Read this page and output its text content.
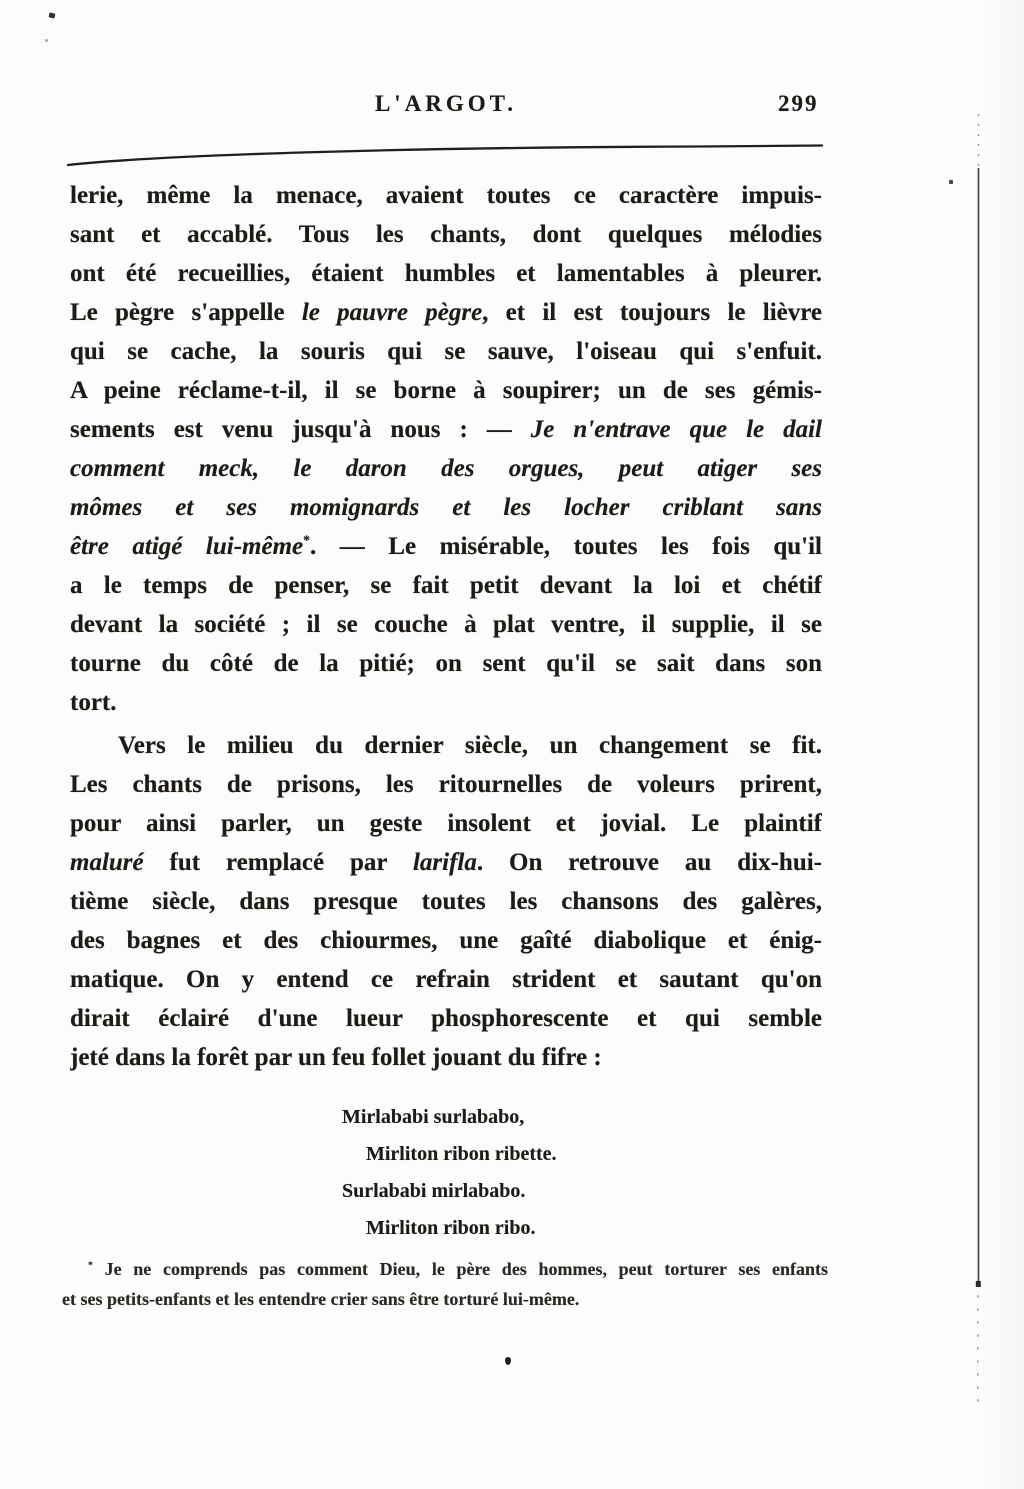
L'ARGOT.	299
lerie, même la menace, avaient toutes ce caractère impuis-
sant et accablé. Tous les chants, dont quelques mélodies
ont été recueillies, étaient humbles et lamentables à pleurer.
Le pègre s'appelle le pauvre pègre, et il est toujours le lièvre
qui se cache, la souris qui se sauve, l'oiseau qui s'enfuit.
A peine réclame-t-il, il se borne à soupirer; un de ses gémis-
sements est venu jusqu'à nous : — Je n'entrave que le dail
comment meck, le daron des orgues, peut atiger ses
mômes et ses momignards et les locher criblant sans
être atigé lui-même*. — Le misérable, toutes les fois qu'il
a le temps de penser, se fait petit devant la loi et chétif
devant la société ; il se couche à plat ventre, il supplie, il se
tourne du côté de la pitié; on sent qu'il se sait dans son
tort.
Vers le milieu du dernier siècle, un changement se fit.
Les chants de prisons, les ritournelles de voleurs prirent,
pour ainsi parler, un geste insolent et jovial. Le plaintif
maluré fut remplacé par larifla. On retrouve au dix-hui-
tième siècle, dans presque toutes les chansons des galères,
des bagnes et des chiourmes, une gaîté diabolique et énig-
matique. On y entend ce refrain strident et sautant qu'on
dirait éclairé d'une lueur phosphorescente et qui semble
jeté dans la forêt par un feu follet jouant du fifre :
Mirlababi surlababo,
Mirliton ribon ribette.
Surlababi mirlababo.
Mirliton ribon ribo.
* Je ne comprends pas comment Dieu, le père des hommes, peut torturer ses enfants
et ses petits-enfants et les entendre crier sans être torturé lui-même.
